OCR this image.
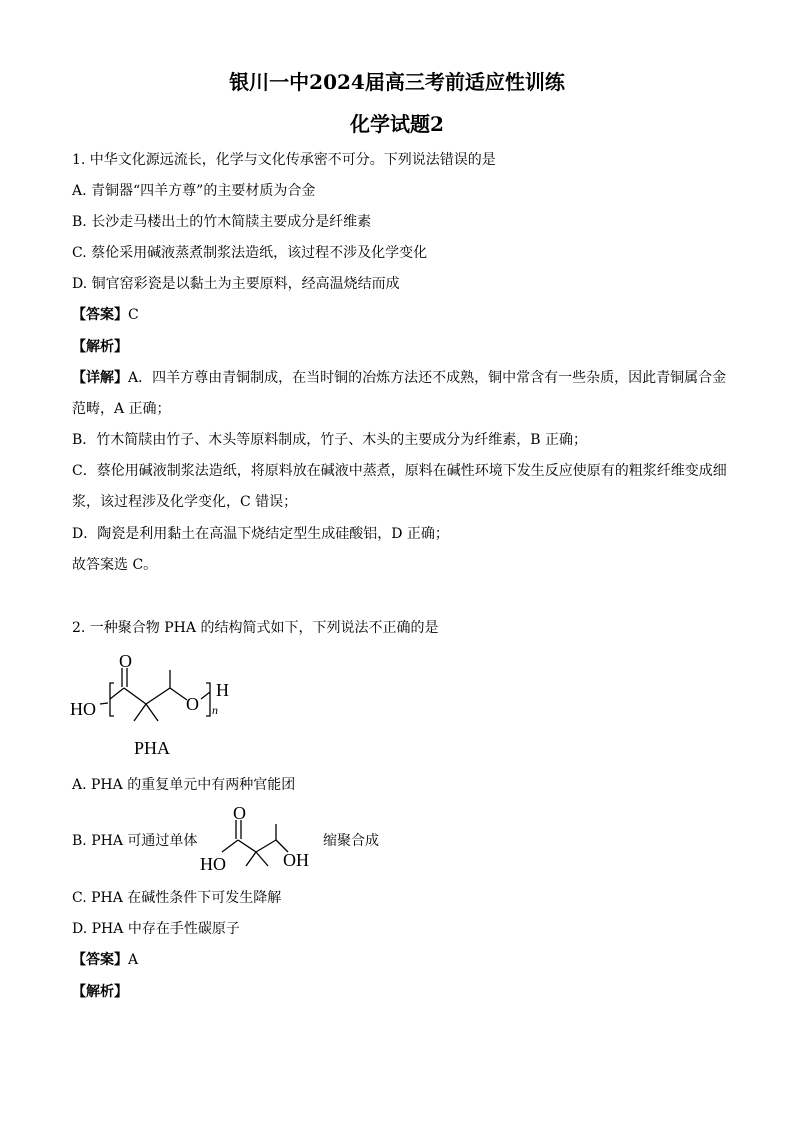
银川一中2024届高三考前适应性训练
化学试题2
1. 中华文化源远流长，化学与文化传承密不可分。下列说法错误的是
A. 青铜器“四羊方尊”的主要材质为合金
B. 长沙走马楼出土的竹木简牍主要成分是纤维素
C. 蔡伦采用碱液蒸煮制浆法造纸，该过程不涉及化学变化
D. 铜官窑彩瓷是以黏土为主要原料，经高温烧结而成
【答案】C
【解析】
【详解】A．四羊方尊由青铜制成，在当时铜的冶炼方法还不成熟，铜中常含有一些杂质，因此青铜属合金
范畴，A 正确；
B．竹木简牍由竹子、木头等原料制成，竹子、木头的主要成分为纤维素，B 正确；
C．蔡伦用碱液制浆法造纸，将原料放在碱液中蒸煮，原料在碱性环境下发生反应使原有的粗浆纤维变成细
浆，该过程涉及化学变化，C 错误；
D．陶瓷是利用黏土在高温下烧结定型生成硅酸铝，D 正确；
故答案选 C。
2. 一种聚合物 PHA 的结构简式如下，下列说法不正确的是
O
HO	O
H
n
PHA
A. PHA 的重复单元中有两种官能团
B. PHA 可通过单体
O
HO	OH
缩聚合成
C. PHA 在碱性条件下可发生降解
D. PHA 中存在手性碳原子
【答案】A
【解析】
